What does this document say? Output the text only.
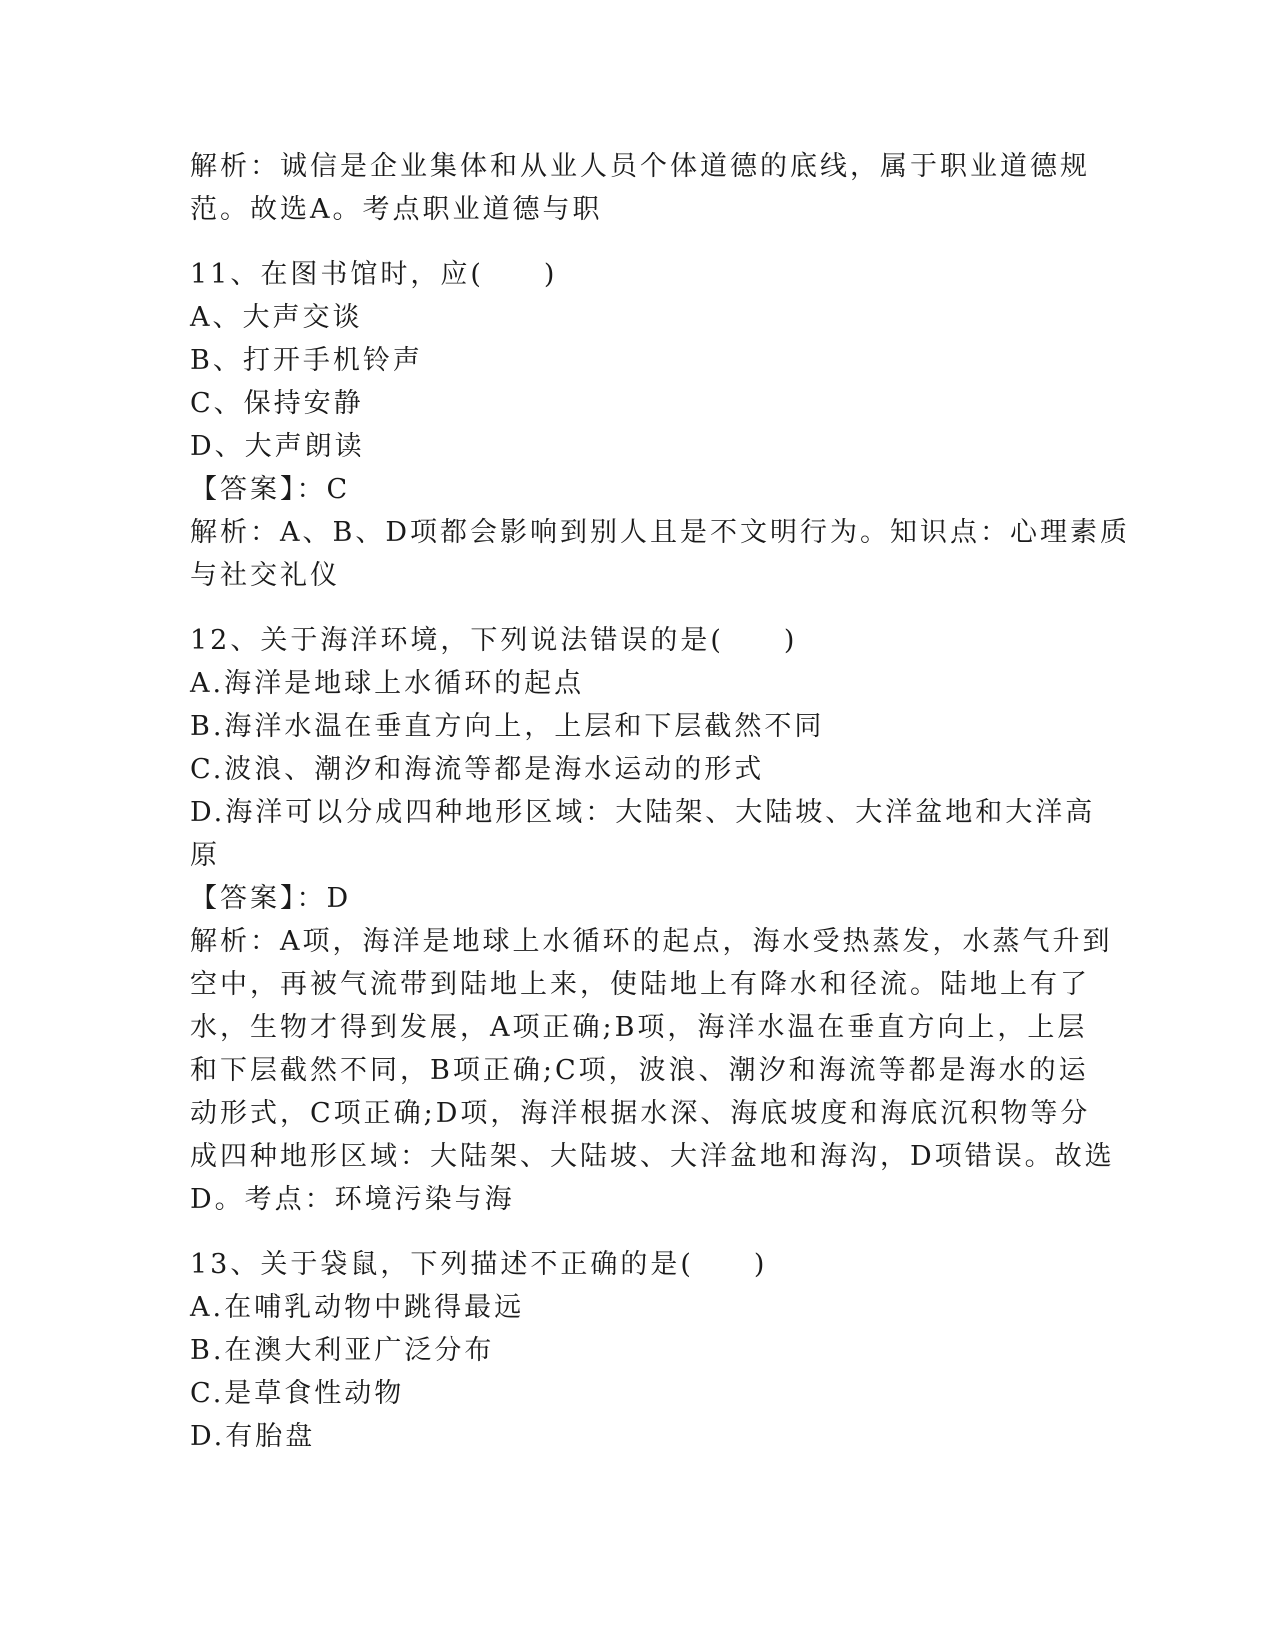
解析：诚信是企业集体和从业人员个体道德的底线，属于职业道德规
范。故选A。考点职业道德与职
11、在图书馆时，应(　　)
A、大声交谈
B、打开手机铃声
C、保持安静
D、大声朗读
【答案】：C
解析：A、B、D项都会影响到别人且是不文明行为。知识点：心理素质
与社交礼仪
12、关于海洋环境，下列说法错误的是(　　)
A.海洋是地球上水循环的起点
B.海洋水温在垂直方向上，上层和下层截然不同
C.波浪、潮汐和海流等都是海水运动的形式
D.海洋可以分成四种地形区域：大陆架、大陆坡、大洋盆地和大洋高
原
【答案】：D
解析：A项，海洋是地球上水循环的起点，海水受热蒸发，水蒸气升到
空中，再被气流带到陆地上来，使陆地上有降水和径流。陆地上有了
水，生物才得到发展，A项正确;B项，海洋水温在垂直方向上，上层
和下层截然不同，B项正确;C项，波浪、潮汐和海流等都是海水的运
动形式，C项正确;D项，海洋根据水深、海底坡度和海底沉积物等分
成四种地形区域：大陆架、大陆坡、大洋盆地和海沟，D项错误。故选
D。考点：环境污染与海
13、关于袋鼠，下列描述不正确的是(　　)
A.在哺乳动物中跳得最远
B.在澳大利亚广泛分布
C.是草食性动物
D.有胎盘
